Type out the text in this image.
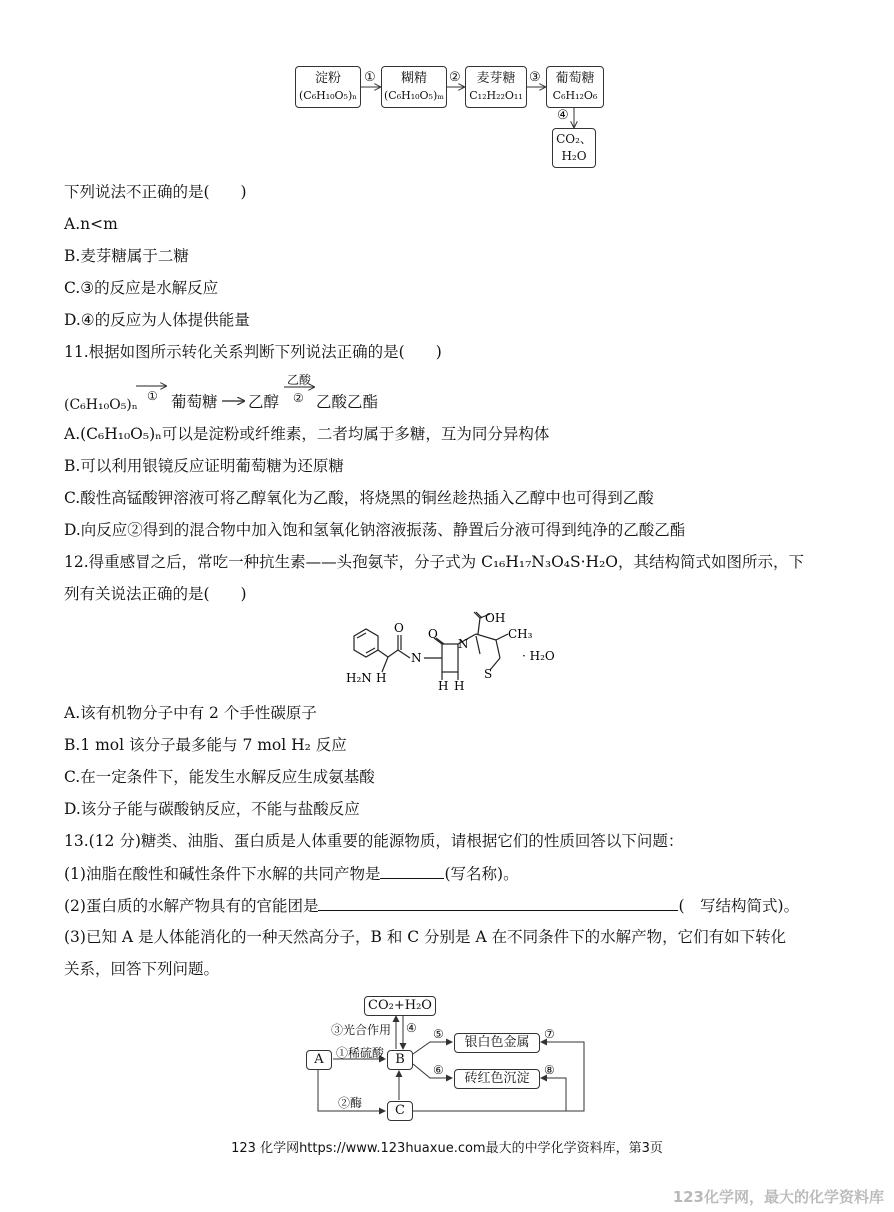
淀粉
(C₆H₁₀O₅)ₙ
糊精
(C₆H₁₀O₅)ₘ
麦芽糖
C₁₂H₂₂O₁₁
葡萄糖
C₆H₁₂O₆
CO₂、
H₂O
①	②	③
④
下列说法不正确的是(　　)
A.n<m
B.麦芽糖属于二糖
C.③的反应是水解反应
D.④的反应为人体提供能量
11.根据如图所示转化关系判断下列说法正确的是(　　)
(C₆H₁₀O₅)ₙ
① 葡萄糖 乙醇
乙酸
② 乙酸乙酯
A.(C₆H₁₀O₅)ₙ可以是淀粉或纤维素，二者均属于多糖，互为同分异构体
B.可以利用银镜反应证明葡萄糖为还原糖
C.酸性高锰酸钾溶液可将乙醇氧化为乙酸，将烧黑的铜丝趁热插入乙醇中也可得到乙酸
D.向反应②得到的混合物中加入饱和氢氧化钠溶液振荡、静置后分液可得到纯净的乙酸乙酯
12.得重感冒之后，常吃一种抗生素——头孢氨苄，分子式为 C₁₆H₁₇N₃O₄S·H₂O，其结构简式如图所示，下
列有关说法正确的是(　　)
O
N
O
N
OH
CH₃
· H₂O
S
H₂N H
H H
A.该有机物分子中有 2 个手性碳原子
B.1 mol 该分子最多能与 7 mol H₂ 反应
C.在一定条件下，能发生水解反应生成氨基酸
D.该分子能与碳酸钠反应，不能与盐酸反应
13.(12 分)糖类、油脂、蛋白质是人体重要的能源物质，请根据它们的性质回答以下问题：
(1)油脂在酸性和碱性条件下水解的共同产物是	(写名称)。
(2)蛋白质的水解产物具有的官能团是	(　写结构简式)。
(3)已知 A 是人体能消化的一种天然高分子，B 和 C 分别是 A 在不同条件下的水解产物，它们有如下转化
关系，回答下列问题。
CO₂+H₂O
A	B
C
银白色金属
砖红色沉淀
③光合作用 ④
①稀硫酸
②酶
⑤
⑥
⑦
⑧
123 化学网https://www.123huaxue.com最大的中学化学资料库，第3页
123化学网，最大的化学资料库
